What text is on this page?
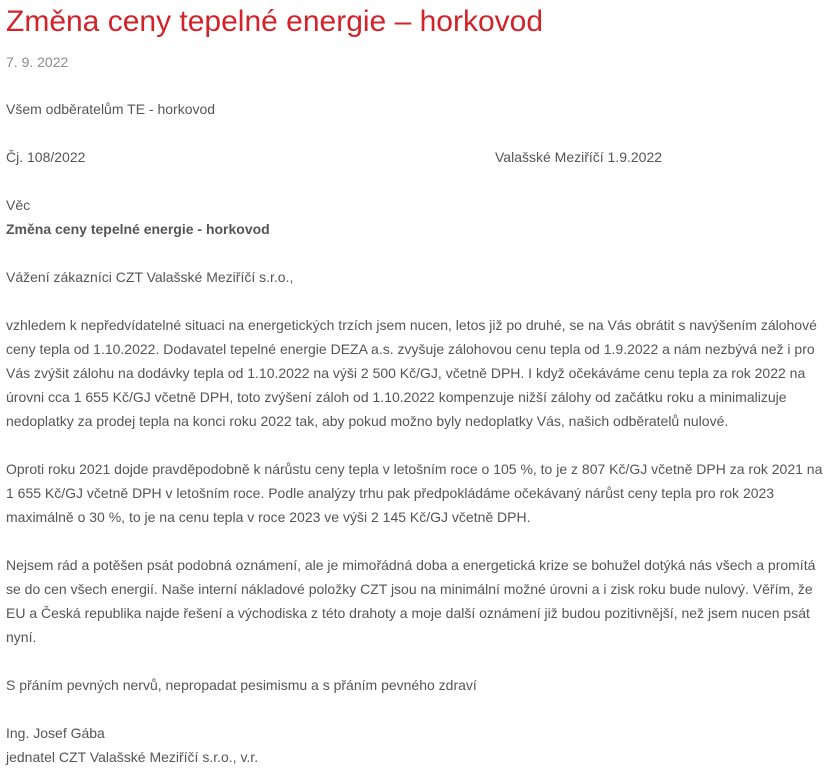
Změna ceny tepelné energie – horkovod

7. 9. 2022

Všem odběratelům TE - horkovod

Čj. 108/2022	Valašské Meziříčí 1.9.2022

Věc

Změna ceny tepelné energie - horkovod

Vážení zákazníci CZT Valašské Meziříčí s.r.o.,

vzhledem k nepředvídatelné situaci na energetických trzích jsem nucen, letos již po druhé, se na Vás obrátit s navýšením zálohové ceny tepla od 1.10.2022. Dodavatel tepelné energie DEZA a.s. zvyšuje zálohovou cenu tepla od 1.9.2022 a nám nezbývá než i pro Vás zvýšit zálohu na dodávky tepla od 1.10.2022 na výši 2 500 Kč/GJ, včetně DPH. I když očekáváme cenu tepla za rok 2022 na úrovni cca 1 655 Kč/GJ včetně DPH, toto zvýšení záloh od 1.10.2022 kompenzuje nižší zálohy od začátku roku a minimalizuje nedoplatky za prodej tepla na konci roku 2022 tak, aby pokud možno byly nedoplatky Vás, našich odběratelů nulové.

Oproti roku 2021 dojde pravděpodobně k nárůstu ceny tepla v letošním roce o 105 %, to je z 807 Kč/GJ včetně DPH za rok 2021 na 1 655 Kč/GJ včetně DPH v letošním roce. Podle analýzy trhu pak předpokládáme očekávaný nárůst ceny tepla pro rok 2023 maximálně o 30 %, to je na cenu tepla v roce 2023 ve výši 2 145 Kč/GJ včetně DPH.

Nejsem rád a potěšen psát podobná oznámení, ale je mimořádná doba a energetická krize se bohužel dotýká nás všech a promítá se do cen všech energií. Naše interní nákladové položky CZT jsou na minimální možné úrovni a i zisk roku bude nulový. Věřím, že EU a Česká republika najde řešení a východiska z této drahoty a moje další oznámení již budou pozitivnější, než jsem nucen psát nyní.

S přáním pevných nervů, nepropadat pesimismu a s přáním pevného zdraví

Ing. Josef Gába

jednatel CZT Valašské Meziříčí s.r.o., v.r.
